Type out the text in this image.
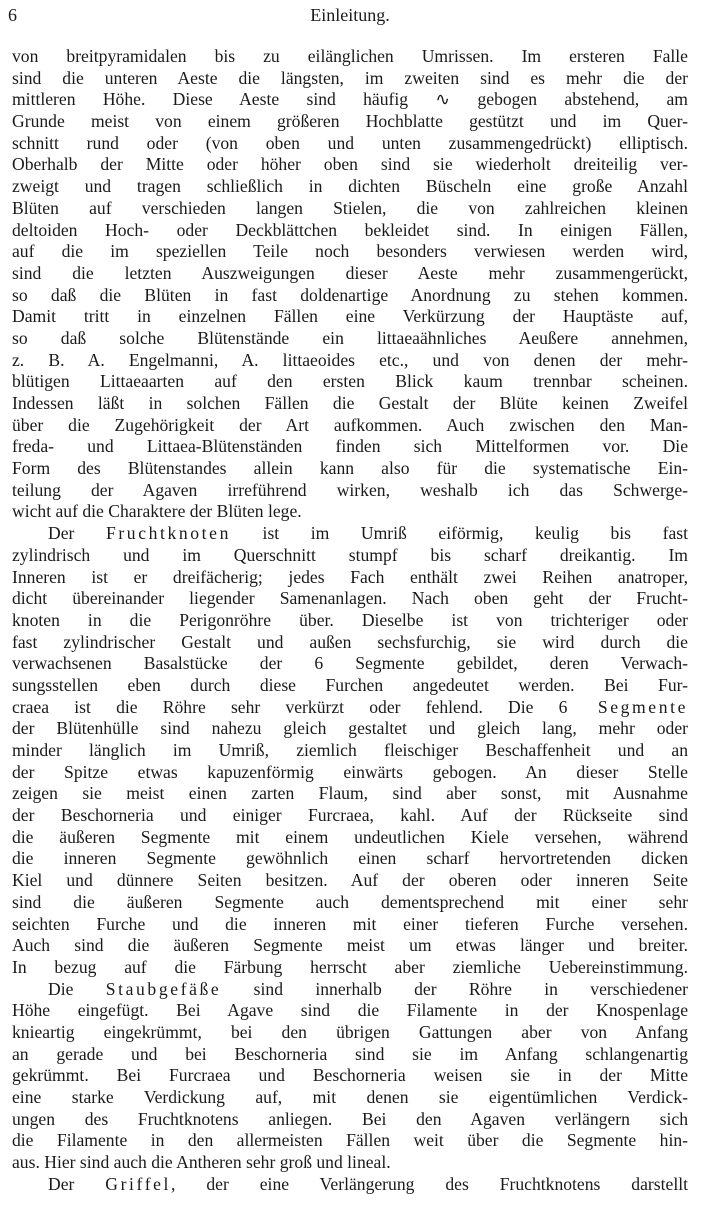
6	Einleitung.
von breitpyramidalen bis zu eilänglichen Umrissen. Im ersteren Falle
sind die unteren Aeste die längsten, im zweiten sind es mehr die der
mittleren Höhe. Diese Aeste sind häufig ∿ gebogen abstehend, am
Grunde meist von einem größeren Hochblatte gestützt und im Quer-
schnitt rund oder (von oben und unten zusammengedrückt) elliptisch.
Oberhalb der Mitte oder höher oben sind sie wiederholt dreiteilig ver-
zweigt und tragen schließlich in dichten Büscheln eine große Anzahl
Blüten auf verschieden langen Stielen, die von zahlreichen kleinen
deltoiden Hoch- oder Deckblättchen bekleidet sind. In einigen Fällen,
auf die im speziellen Teile noch besonders verwiesen werden wird,
sind die letzten Auszweigungen dieser Aeste mehr zusammengerückt,
so daß die Blüten in fast doldenartige Anordnung zu stehen kommen.
Damit tritt in einzelnen Fällen eine Verkürzung der Hauptäste auf,
so daß solche Blütenstände ein littaeaähnliches Aeußere annehmen,
z. B. A. Engelmanni, A. littaeoides etc., und von denen der mehr-
blütigen Littaeaarten auf den ersten Blick kaum trennbar scheinen.
Indessen läßt in solchen Fällen die Gestalt der Blüte keinen Zweifel
über die Zugehörigkeit der Art aufkommen. Auch zwischen den Man-
freda- und Littaea-Blütenständen finden sich Mittelformen vor. Die
Form des Blütenstandes allein kann also für die systematische Ein-
teilung der Agaven irreführend wirken, weshalb ich das Schwerge-
wicht auf die Charaktere der Blüten lege.
Der Fruchtknoten ist im Umriß eiförmig, keulig bis fast
zylindrisch und im Querschnitt stumpf bis scharf dreikantig. Im
Inneren ist er dreifächerig; jedes Fach enthält zwei Reihen anatroper,
dicht übereinander liegender Samenanlagen. Nach oben geht der Frucht-
knoten in die Perigonröhre über. Dieselbe ist von trichteriger oder
fast zylindrischer Gestalt und außen sechsfurchig, sie wird durch die
verwachsenen Basalstücke der 6 Segmente gebildet, deren Verwach-
sungsstellen eben durch diese Furchen angedeutet werden. Bei Fur-
craea ist die Röhre sehr verkürzt oder fehlend. Die 6 Segmente
der Blütenhülle sind nahezu gleich gestaltet und gleich lang, mehr oder
minder länglich im Umriß, ziemlich fleischiger Beschaffenheit und an
der Spitze etwas kapuzenförmig einwärts gebogen. An dieser Stelle
zeigen sie meist einen zarten Flaum, sind aber sonst, mit Ausnahme
der Beschorneria und einiger Furcraea, kahl. Auf der Rückseite sind
die äußeren Segmente mit einem undeutlichen Kiele versehen, während
die inneren Segmente gewöhnlich einen scharf hervortretenden dicken
Kiel und dünnere Seiten besitzen. Auf der oberen oder inneren Seite
sind die äußeren Segmente auch dementsprechend mit einer sehr
seichten Furche und die inneren mit einer tieferen Furche versehen.
Auch sind die äußeren Segmente meist um etwas länger und breiter.
In bezug auf die Färbung herrscht aber ziemliche Uebereinstimmung.
Die Staubgefäße sind innerhalb der Röhre in verschiedener
Höhe eingefügt. Bei Agave sind die Filamente in der Knospenlage
knieartig eingekrümmt, bei den übrigen Gattungen aber von Anfang
an gerade und bei Beschorneria sind sie im Anfang schlangenartig
gekrümmt. Bei Furcraea und Beschorneria weisen sie in der Mitte
eine starke Verdickung auf, mit denen sie eigentümlichen Verdick-
ungen des Fruchtknotens anliegen. Bei den Agaven verlängern sich
die Filamente in den allermeisten Fällen weit über die Segmente hin-
aus. Hier sind auch die Antheren sehr groß und lineal.
Der Griffel, der eine Verlängerung des Fruchtknotens darstellt
